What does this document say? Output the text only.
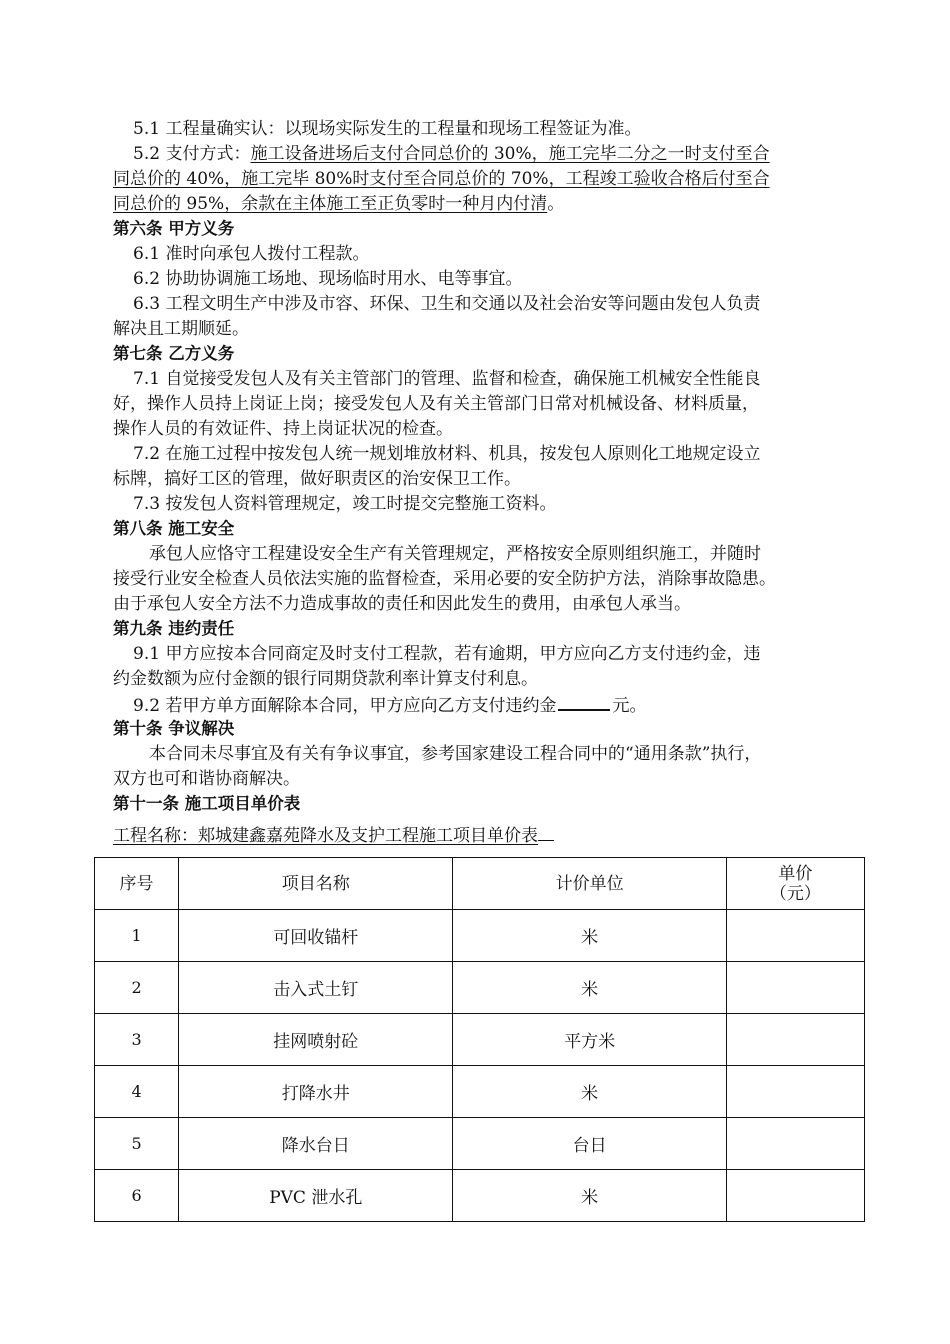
5.1 工程量确实认：以现场实际发生的工程量和现场工程签证为准。
5.2 支付方式：施工设备进场后支付合同总价的 30%，施工完毕二分之一时支付至合
同总价的 40%，施工完毕 80%时支付至合同总价的 70%，工程竣工验收合格后付至合
同总价的 95%，余款在主体施工至正负零时一种月内付清。
第六条 甲方义务
6.1 准时向承包人拨付工程款。
6.2 协助协调施工场地、现场临时用水、电等事宜。
6.3 工程文明生产中涉及市容、环保、卫生和交通以及社会治安等问题由发包人负责
解决且工期顺延。
第七条 乙方义务
7.1 自觉接受发包人及有关主管部门的管理、监督和检查，确保施工机械安全性能良
好，操作人员持上岗证上岗；接受发包人及有关主管部门日常对机械设备、材料质量，
操作人员的有效证件、持上岗证状况的检查。
7.2 在施工过程中按发包人统一规划堆放材料、机具，按发包人原则化工地规定设立
标牌，搞好工区的管理，做好职责区的治安保卫工作。
7.3 按发包人资料管理规定，竣工时提交完整施工资料。
第八条 施工安全
承包人应恪守工程建设安全生产有关管理规定，严格按安全原则组织施工，并随时
接受行业安全检查人员依法实施的监督检查，采用必要的安全防护方法，消除事故隐患。
由于承包人安全方法不力造成事故的责任和因此发生的费用，由承包人承当。
第九条 违约责任
9.1 甲方应按本合同商定及时支付工程款，若有逾期，甲方应向乙方支付违约金，违
约金数额为应付金额的银行同期贷款利率计算支付利息。
9.2 若甲方单方面解除本合同，甲方应向乙方支付违约金	元。
第十条 争议解决
本合同未尽事宜及有关有争议事宜，参考国家建设工程合同中的“通用条款”执行，
双方也可和谐协商解决。
第十一条 施工项目单价表
工程名称：郏城建鑫嘉苑降水及支护工程施工项目单价表
序号	项目名称	计价单位	单价
（元）

1	可回收锚杆	米	
2	击入式土钉	米	
3	挂网喷射砼	平方米	
4	打降水井	米	
5	降水台日	台日	
6	PVC 泄水孔	米	
